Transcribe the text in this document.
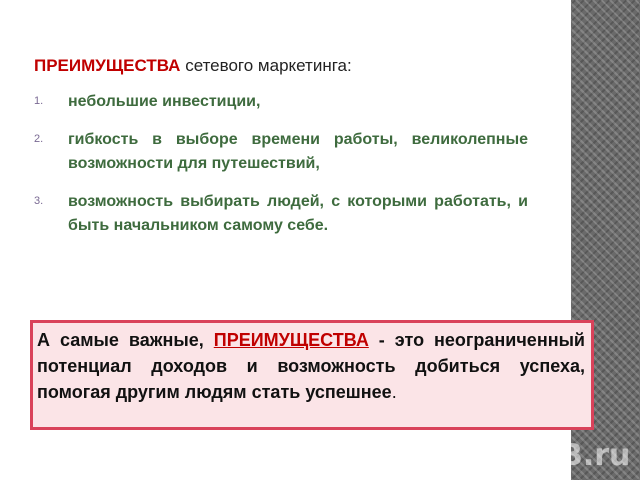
ПРЕИМУЩЕСТВА сетевого маркетинга:
1.	небольшие инвестиции,
2.	гибкость в выборе времени работы, великолепные возможности для путешествий,
3.	возможность выбирать людей, с которыми работать, и быть начальником самому себе.
А самые важные, ПРЕИМУЩЕСТВА - это неограниченный потенциал доходов и возможность добиться успеха, помогая другим людям стать успешнее.
В.ru
